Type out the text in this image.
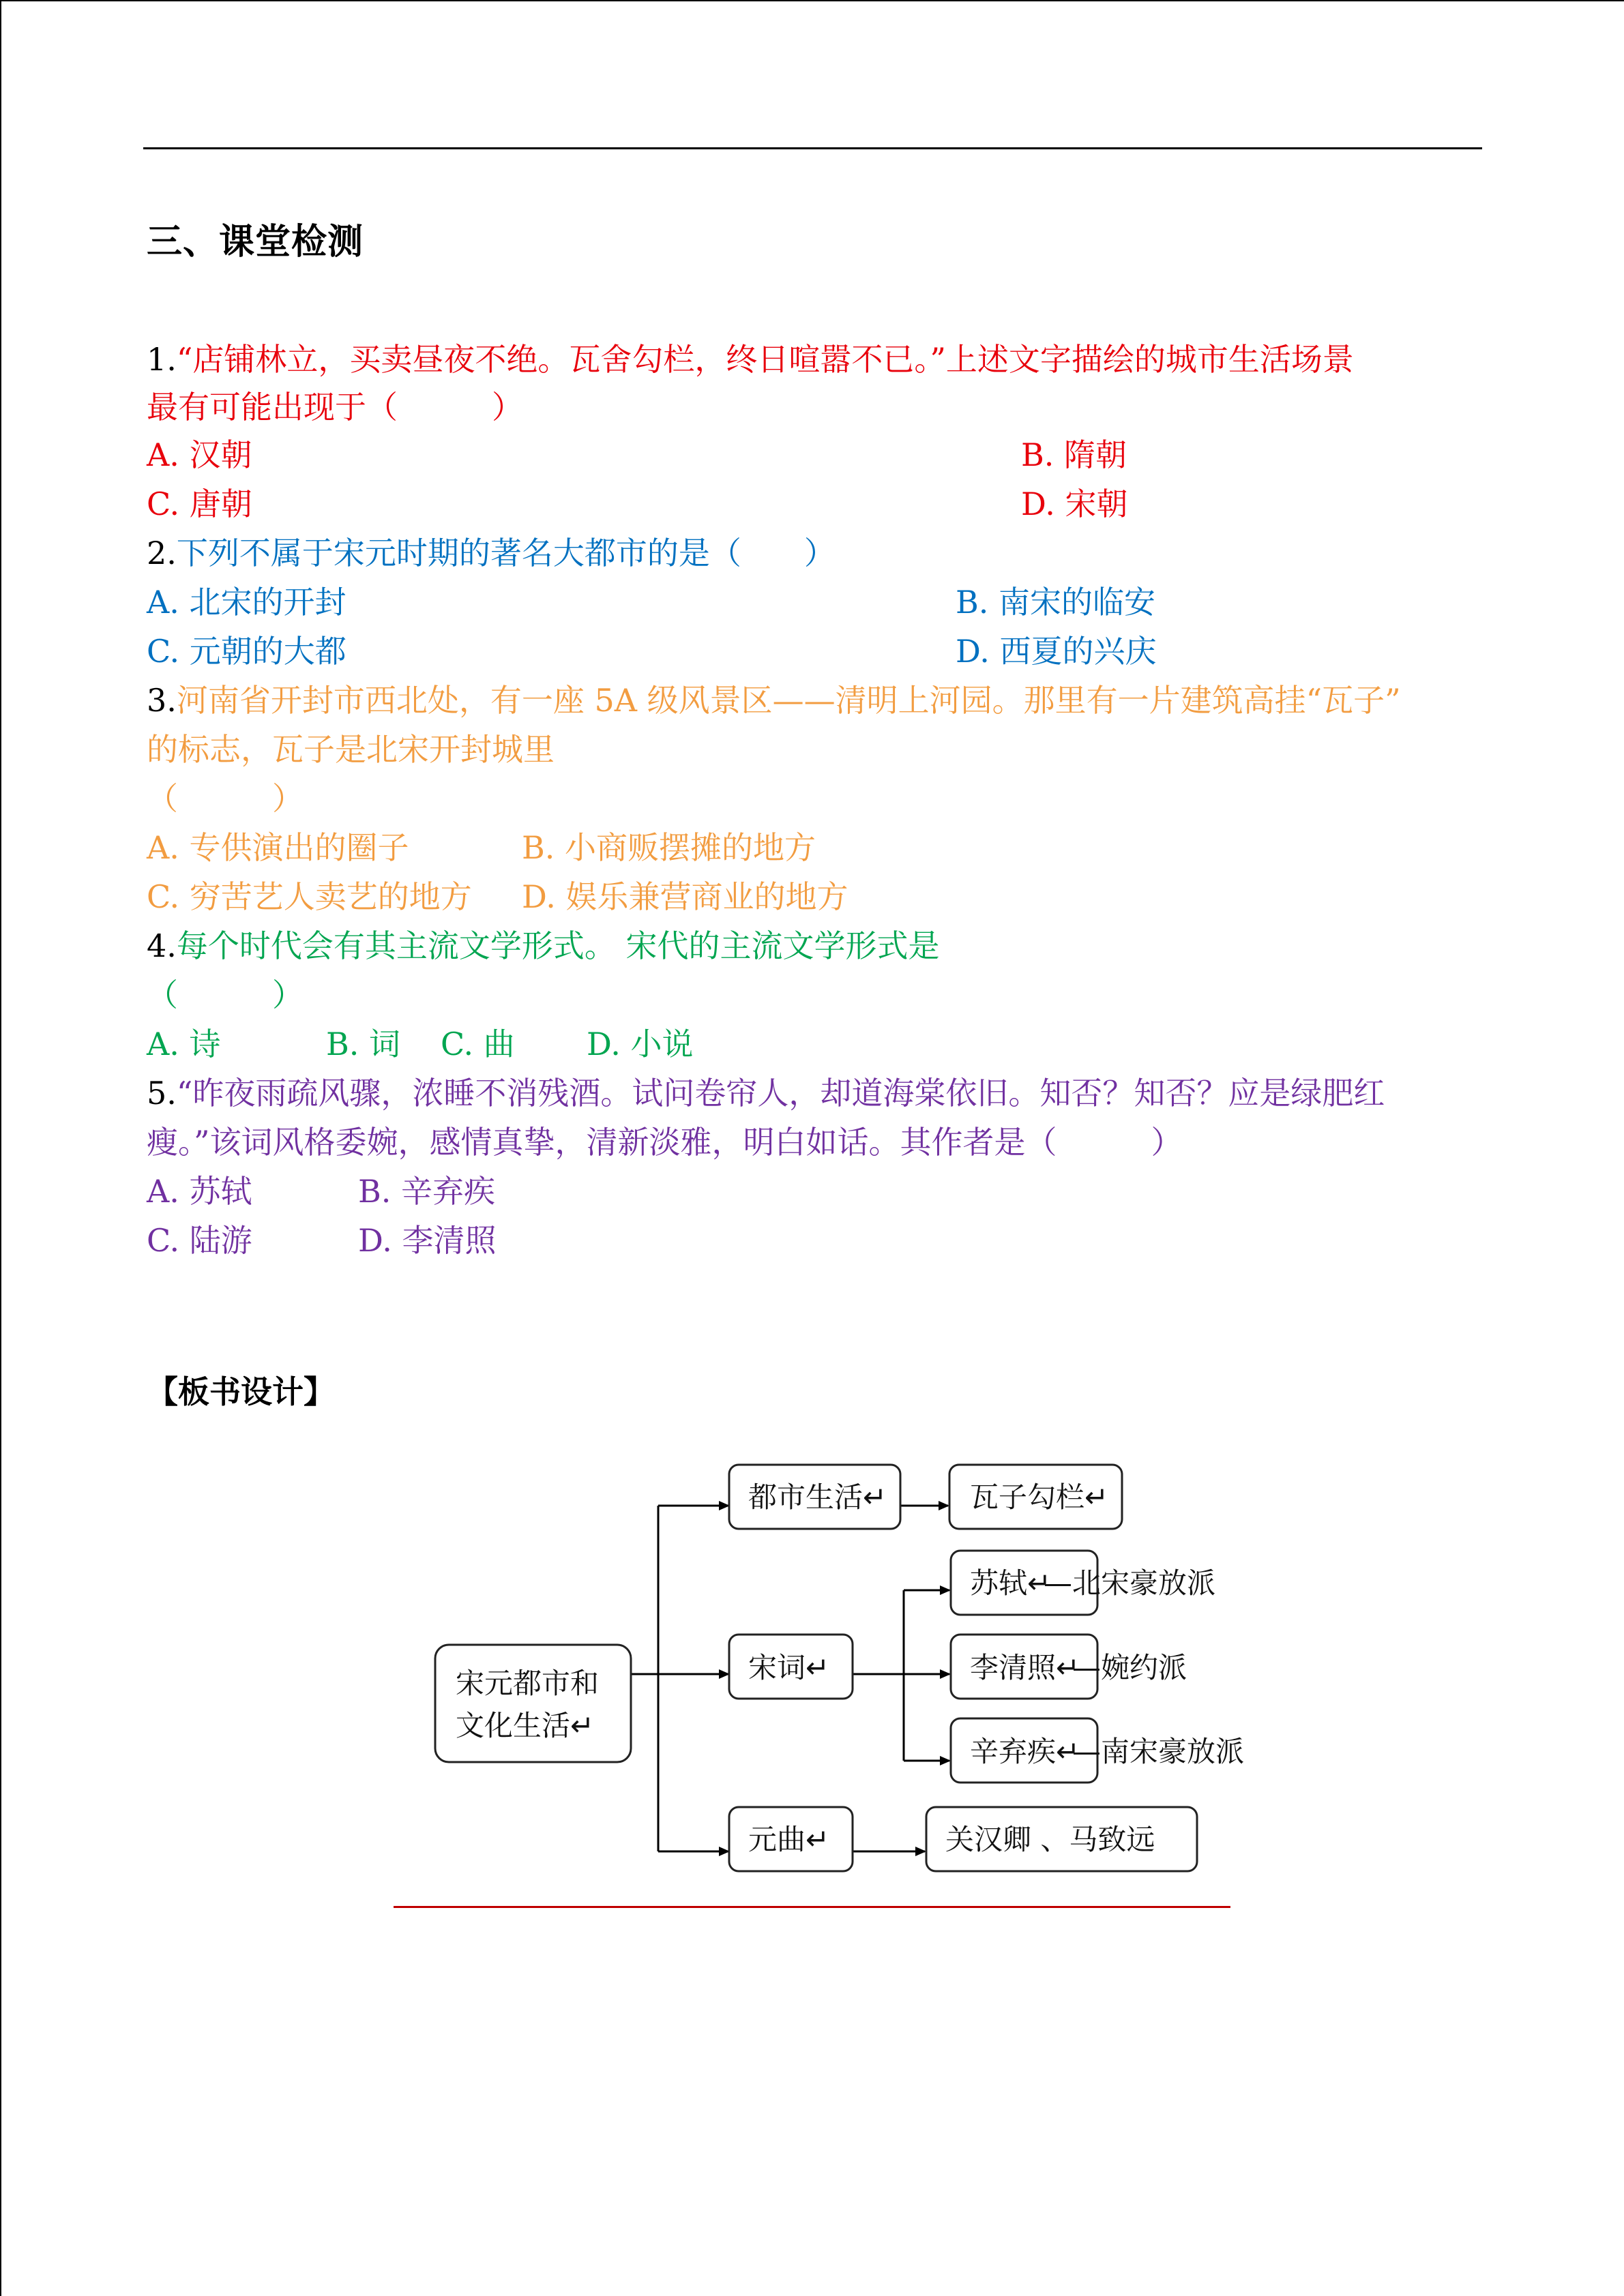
三、课堂检测
1.“店铺林立，买卖昼夜不绝。瓦舍勾栏，终日喧嚣不已。”上述文字描绘的城市生活场景
最有可能出现于（　　　）
A. 汉朝	B. 隋朝
C. 唐朝	D. 宋朝
2.下列不属于宋元时期的著名大都市的是（　　）
A. 北宋的开封	B. 南宋的临安
C. 元朝的大都	D. 西夏的兴庆
3.河南省开封市西北处，有一座 5A 级风景区——清明上河园。那里有一片建筑高挂“瓦子”
的标志，瓦子是北宋开封城里
（　　　）
A. 专供演出的圈子	B. 小商贩摆摊的地方
C. 穷苦艺人卖艺的地方 D. 娱乐兼营商业的地方
4.每个时代会有其主流文学形式。 宋代的主流文学形式是
（　　　）
A. 诗	B. 词 C. 曲 D. 小说
5.“昨夜雨疏风骤，浓睡不消残酒。试问卷帘人，却道海棠依旧。知否？知否？应是绿肥红
瘦。”该词风格委婉，感情真挚，清新淡雅，明白如话。其作者是（　　　）
A. 苏轼	B. 辛弃疾
C. 陆游	D. 李清照
【板书设计】
宋元都市和
文化生活↵
都市生活↵	瓦子勾栏↵
宋词↵
苏轼↵
—北宋豪放派
李清照↵
—婉约派
辛弃疾↵
—南宋豪放派
元曲↵	关汉卿 、马致远
